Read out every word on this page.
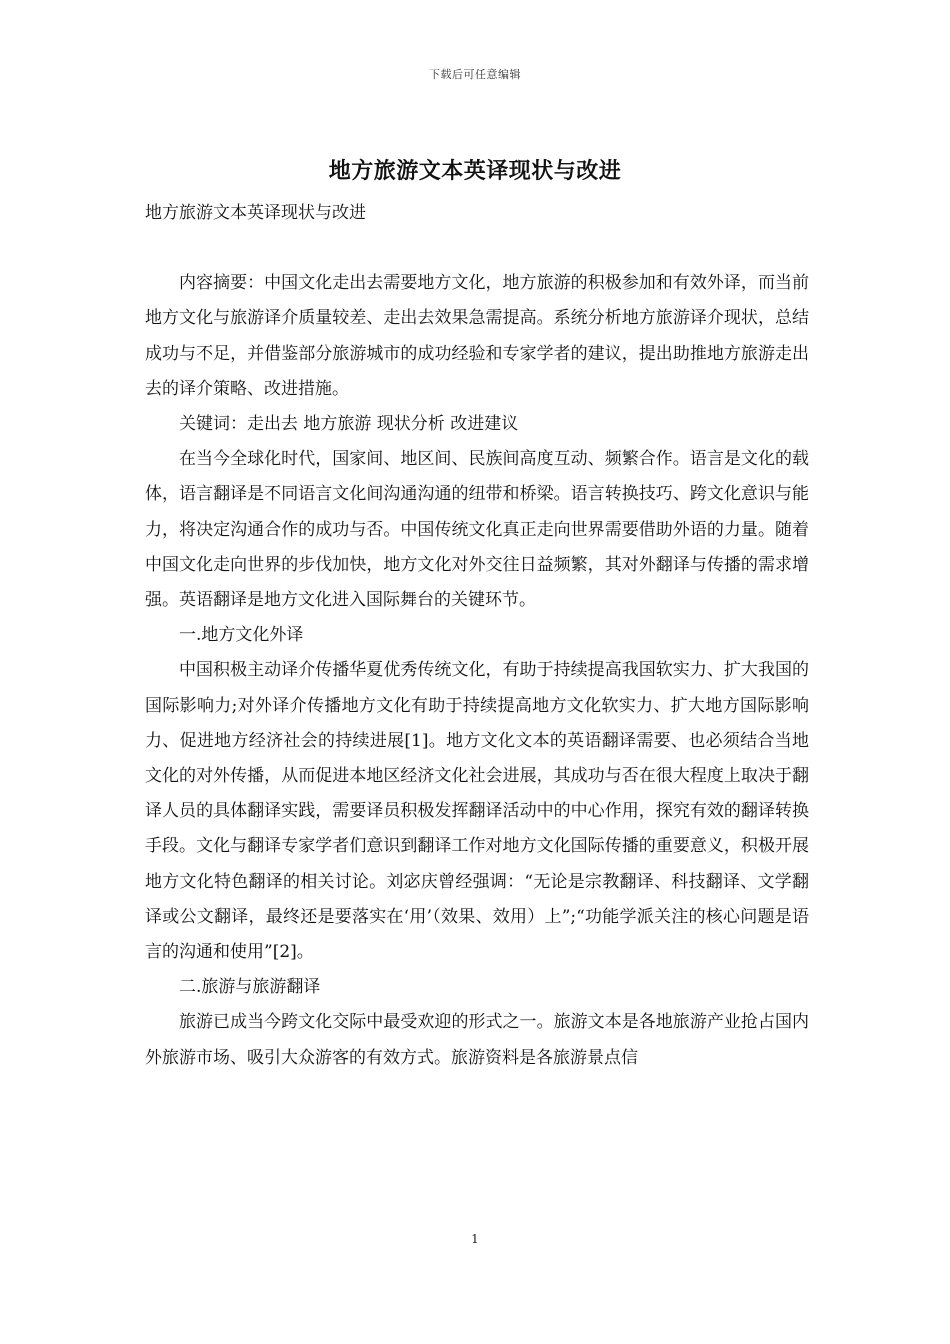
下载后可任意编辑
地方旅游文本英译现状与改进

地方旅游文本英译现状与改进

内容摘要：中国文化走出去需要地方文化，地方旅游的积极参加和有效外译，而当前地方文化与旅游译介质量较差、走出去效果急需提高。系统分析地方旅游译介现状，总结成功与不足，并借鉴部分旅游城市的成功经验和专家学者的建议，提出助推地方旅游走出去的译介策略、改进措施。

关键词：走出去 地方旅游 现状分析 改进建议

在当今全球化时代，国家间、地区间、民族间高度互动、频繁合作。语言是文化的载体，语言翻译是不同语言文化间沟通沟通的纽带和桥梁。语言转换技巧、跨文化意识与能力，将决定沟通合作的成功与否。中国传统文化真正走向世界需要借助外语的力量。随着中国文化走向世界的步伐加快，地方文化对外交往日益频繁，其对外翻译与传播的需求增强。英语翻译是地方文化进入国际舞台的关键环节。

一.地方文化外译

中国积极主动译介传播华夏优秀传统文化，有助于持续提高我国软实力、扩大我国的国际影响力;对外译介传播地方文化有助于持续提高地方文化软实力、扩大地方国际影响力、促进地方经济社会的持续进展[1]。地方文化文本的英语翻译需要、也必须结合当地文化的对外传播，从而促进本地区经济文化社会进展，其成功与否在很大程度上取决于翻译人员的具体翻译实践，需要译员积极发挥翻译活动中的中心作用，探究有效的翻译转换手段。文化与翻译专家学者们意识到翻译工作对地方文化国际传播的重要意义，积极开展地方文化特色翻译的相关讨论。刘宓庆曾经强调：“无论是宗教翻译、科技翻译、文学翻译或公文翻译，最终还是要落实在‘用’（效果、效用）上”;“功能学派关注的核心问题是语言的沟通和使用”[2]。

二.旅游与旅游翻译

旅游已成当今跨文化交际中最受欢迎的形式之一。旅游文本是各地旅游产业抢占国内外旅游市场、吸引大众游客的有效方式。旅游资料是各旅游景点信

1
